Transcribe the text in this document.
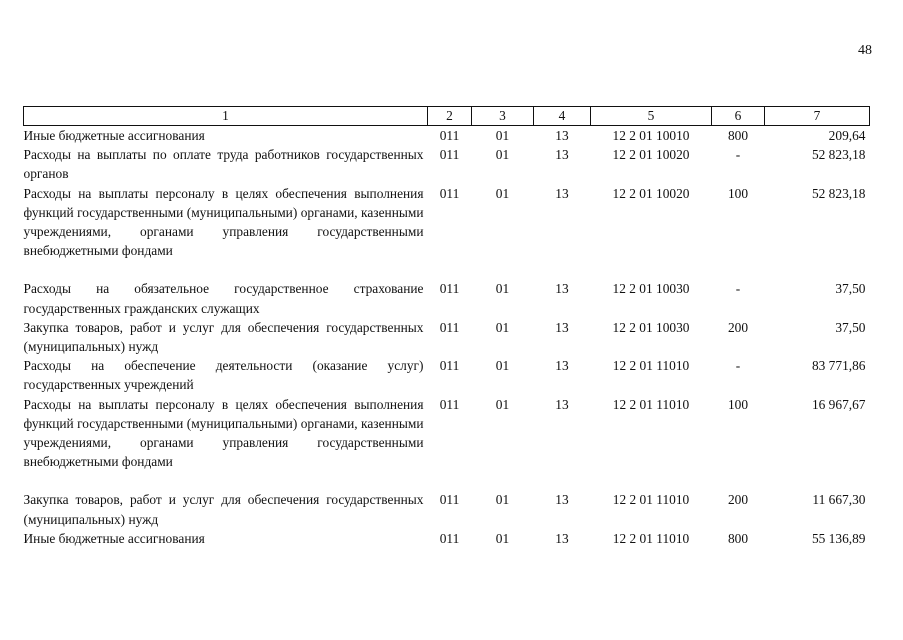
48
1	2	3	4	5	6	7
Иные бюджетные ассигнования	011	01	13	12 2 01 10010	800	209,64
Расходы на выплаты по оплате труда работников государственных органов	011	01	13	12 2 01 10020	-	52 823,18
Расходы на выплаты персоналу в целях обеспечения выполнения функций государственными (муниципальными) органами, казенными учреждениями, органами управления государственными внебюджетными фондами	011	01	13	12 2 01 10020	100	52 823,18
Расходы на обязательное государственное страхование государственных гражданских служащих	011	01	13	12 2 01 10030	-	37,50
Закупка товаров, работ и услуг для обеспечения государственных (муниципальных) нужд	011	01	13	12 2 01 10030	200	37,50
Расходы на обеспечение деятельности (оказание услуг) государственных учреждений	011	01	13	12 2 01 11010	-	83 771,86
Расходы на выплаты персоналу в целях обеспечения выполнения функций государственными (муниципальными) органами, казенными учреждениями, органами управления государственными внебюджетными фондами	011	01	13	12 2 01 11010	100	16 967,67
Закупка товаров, работ и услуг для обеспечения государственных (муниципальных) нужд	011	01	13	12 2 01 11010	200	11 667,30
Иные бюджетные ассигнования	011	01	13	12 2 01 11010	800	55 136,89
